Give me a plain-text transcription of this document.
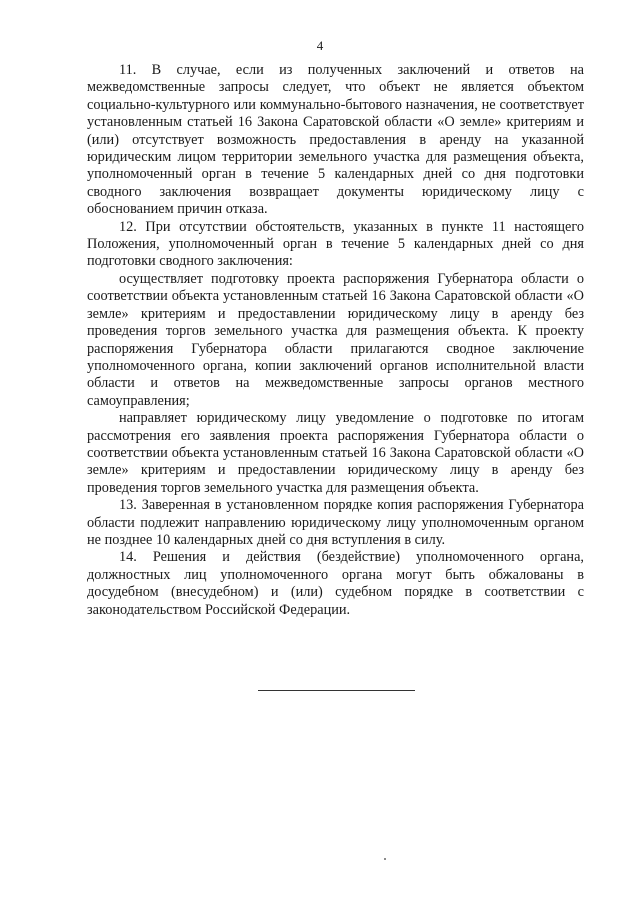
4

11. В случае, если из полученных заключений и ответов на межведомственные запросы следует, что объект не является объектом социально-культурного или коммунально-бытового назначения, не соответствует установленным статьей 16 Закона Саратовской области «О земле» критериям и (или) отсутствует возможность предоставления в аренду на указанной юридическим лицом территории земельного участка для размещения объекта, уполномоченный орган в течение 5 календарных дней со дня подготовки сводного заключения возвращает документы юридическому лицу с обоснованием причин отказа.

12. При отсутствии обстоятельств, указанных в пункте 11 настоящего Положения, уполномоченный орган в течение 5 календарных дней со дня подготовки сводного заключения:

осуществляет подготовку проекта распоряжения Губернатора области о соответствии объекта установленным статьей 16 Закона Саратовской области «О земле» критериям и предоставлении юридическому лицу в аренду без проведения торгов земельного участка для размещения объекта. К проекту распоряжения Губернатора области прилагаются сводное заключение уполномоченного органа, копии заключений органов исполнительной власти области и ответов на межведомственные запросы органов местного самоуправления;

направляет юридическому лицу уведомление о подготовке по итогам рассмотрения его заявления проекта распоряжения Губернатора области о соответствии объекта установленным статьей 16 Закона Саратовской области «О земле» критериям и предоставлении юридическому лицу в аренду без проведения торгов земельного участка для размещения объекта.

13. Заверенная в установленном порядке копия распоряжения Губернатора области подлежит направлению юридическому лицу уполномоченным органом не позднее 10 календарных дней со дня вступления в силу.

14. Решения и действия (бездействие) уполномоченного органа, должностных лиц уполномоченного органа могут быть обжалованы в досудебном (внесудебном) и (или) судебном порядке в соответствии с законодательством Российской Федерации.
